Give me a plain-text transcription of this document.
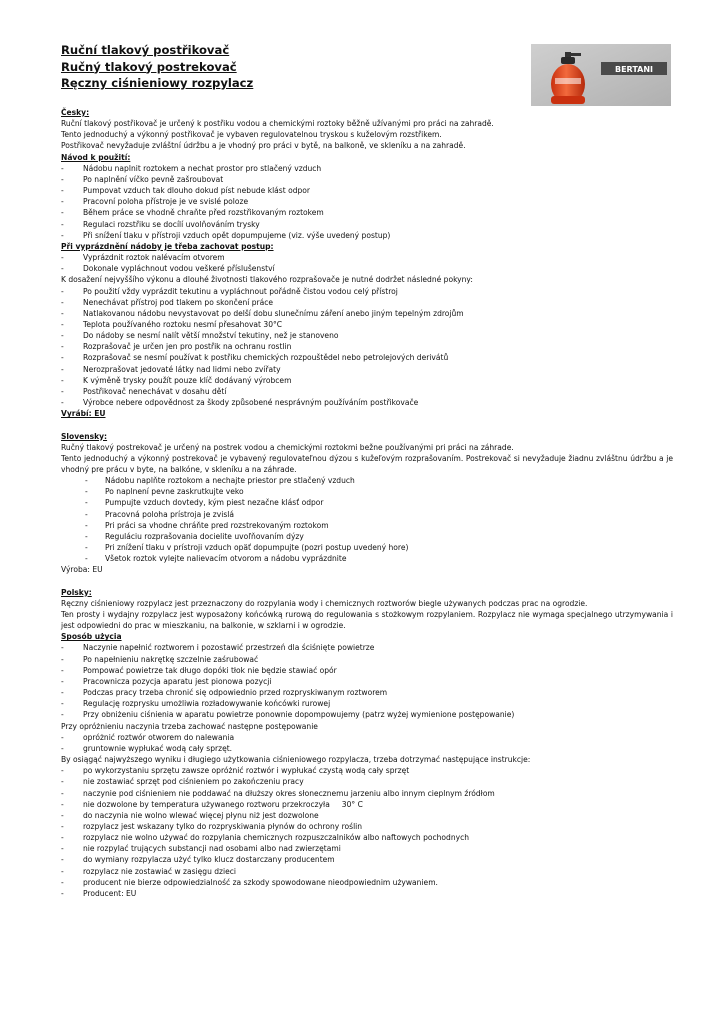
Ruční tlakový postřikovač
Ručný tlakový postrekovač
Ręczny ciśnieniowy rozpylacz
BERTANI
Česky:
Ruční tlakový postřikovač je určený k postřiku vodou a chemickými roztoky běžně užívanými pro práci na zahradě.
Tento jednoduchý a výkonný postřikovač je vybaven regulovatelnou tryskou s kuželovým rozstřikem.
Postřikovač nevyžaduje zvláštní údržbu a je vhodný pro práci v bytě, na balkoně, ve skleníku a na zahradě.
Návod k použití:
-	Nádobu naplnit roztokem a nechat prostor pro stlačený vzduch
-	Po naplnění víčko pevně zašroubovat
-	Pumpovat vzduch tak dlouho dokud píst nebude klást odpor
-	Pracovní poloha přístroje je ve svislé poloze
-	Během práce se vhodně chraňte před rozstřikovaným roztokem
-	Regulaci rozstřiku se docílí uvolňováním trysky
-	Při snížení tlaku v přístroji vzduch opět dopumpujeme (viz. výše uvedený postup)
Při vyprázdnění nádoby je třeba zachovat postup:
-	Vyprázdnit roztok nalévacím otvorem
-	Dokonale vypláchnout vodou veškeré příslušenství
K dosažení nejvyššího výkonu a dlouhé životnosti tlakového rozprašovače je nutné dodržet následné pokyny:
-	Po použití vždy vyprázdit tekutinu a vypláchnout pořádně čistou vodou celý přístroj
-	Nenechávat přístroj pod tlakem po skončení práce
-	Natlakovanou nádobu nevystavovat po delší dobu slunečnímu záření anebo jiným tepelným zdrojům
-	Teplota používaného roztoku nesmí přesahovat 30°C
-	Do nádoby se nesmí nalít větší množství tekutiny, než je stanoveno
-	Rozprašovač je určen jen pro postřik na ochranu rostlin
-	Rozprašovač se nesmí používat k postřiku chemických rozpouštědel nebo petrolejových derivátů
-	Nerozprašovat jedovaté látky nad lidmi nebo zvířaty
-	K výměně trysky použít pouze klíč dodávaný výrobcem
-	Postřikovač nenechávat v dosahu dětí
-	Výrobce nebere odpovědnost za škody způsobené nesprávným používáním postřikovače
Vyrábí: EU
Slovensky:
Ručný tlakový postrekovač je určený na postrek vodou a chemickými roztokmi bežne používanými pri práci na záhrade.
Tento jednoduchý a výkonný postrekovač je vybavený regulovateľnou dýzou s kužeľovým rozprašovaním. Postrekovač si nevyžaduje žiadnu zvláštnu údržbu a je vhodný pre prácu v byte, na balkóne, v skleníku a na záhrade.
- Nádobu naplňte roztokom a nechajte priestor pre stlačený vzduch
- Po naplnení pevne zaskrutkujte veko
- Pumpujte vzduch dovtedy, kým piest nezačne klásť odpor
- Pracovná poloha prístroja je zvislá
- Pri práci sa vhodne chráňte pred rozstrekovaným roztokom
- Reguláciu rozprašovania docielite uvoľňovaním dýzy
- Pri znížení tlaku v prístroji vzduch opäť dopumpujte (pozri postup uvedený hore)
- Všetok roztok vylejte nalievacím otvorom a nádobu vyprázdnite
Výroba: EU
Polsky:
Ręczny ciśnieniowy rozpylacz jest przeznaczony do rozpylania wody i chemicznych roztworów biegle używanych podczas prac na ogrodzie.
Ten prosty i wydajny rozpylacz jest wyposażony końcówką rurową do regulowania s stożkowym rozpylaniem. Rozpylacz nie wymaga specjalnego utrzymywania i jest odpowiedni do prac w mieszkaniu, na balkonie, w szklarni i w ogrodzie.
Sposób użycia
-	Naczynie napełnić roztworem i pozostawić przestrzeń dla ściśnięte powietrze
-	Po napełnieniu nakrętkę szczelnie zaśrubować
-	Pompować powietrze tak długo dopóki tłok nie będzie stawiać opór
-	Pracownicza pozycja aparatu jest pionowa pozycji
-	Podczas pracy trzeba chronić się odpowiednio przed rozpryskiwanym roztworem
-	Regulację rozprysku umożliwia rozładowywanie końcówki rurowej
-	Przy obniżeniu ciśnienia w aparatu powietrze ponownie dopompowujemy (patrz wyżej wymienione postępowanie)
Przy opróżnieniu naczynia trzeba zachować następne postępowanie
-	opróżnić roztwór otworem do nalewania
-	gruntownie wypłukać wodą cały sprzęt.
By osiągąć najwyższego wyniku i długiego użytkowania ciśnieniowego rozpylacza, trzeba dotrzymać następujące instrukcje:
-	po wykorzystaniu sprzętu zawsze opróżnić roztwór i wypłukać czystą wodą cały sprzęt
-	nie zostawiać sprzęt pod ciśnieniem po zakończeniu pracy
-	naczynie pod ciśnieniem nie poddawać na dłuższy okres słonecznemu jarzeniu albo innym cieplnym źródłom
-	nie dozwolone by temperatura używanego roztworu przekroczyła     30° C
-	do naczynia nie wolno wlewać więcej płynu niż jest dozwolone
-	rozpylacz jest wskazany tylko do rozpryskiwania płynów do ochrony roślin
-	rozpylacz nie wolno używać do rozpylania chemicznych rozpuszczalników albo naftowych pochodnych
-	nie rozpylać trujących substancji nad osobami albo nad zwierzętami
-	do wymiany rozpylacza użyć tylko klucz dostarczany producentem
-	rozpylacz nie zostawiać w zasięgu dzieci
-	producent nie bierze odpowiedzialność za szkody spowodowane nieodpowiednim używaniem.
-	Producent: EU
